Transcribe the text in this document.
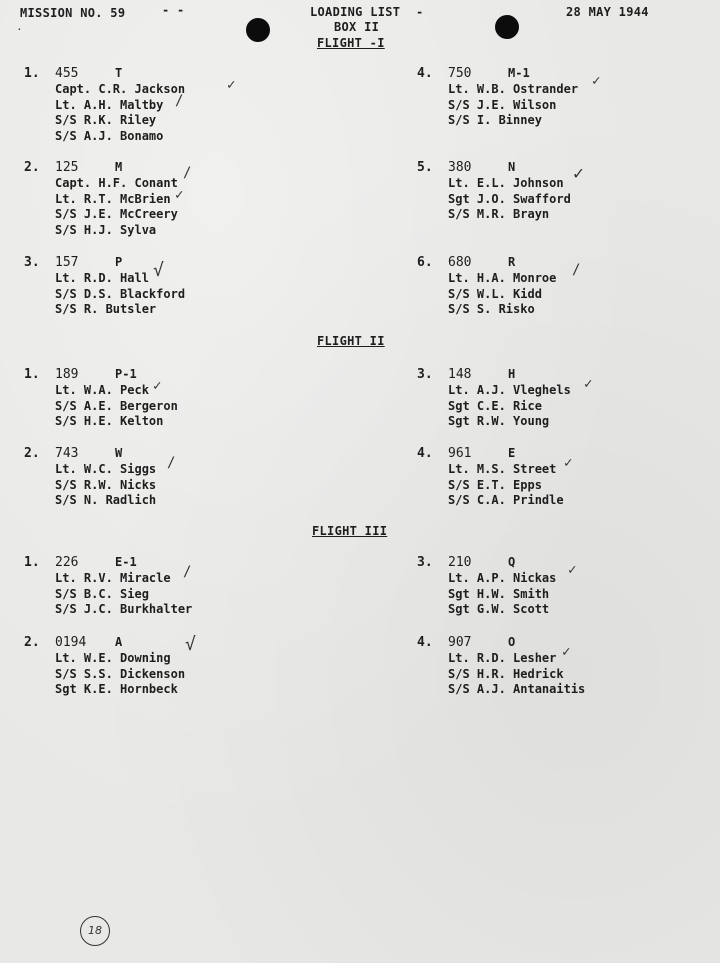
MISSION NO. 59	- -	LOADING LIST -
BOX II
FLIGHT -I
28 MAY 1944
.
1. 455	T
Capt. C.R. Jackson	✓
Lt. A.H. Maltby /
S/S R.K. Riley
S/S A.J. Bonamo
2. 125	M
Capt. H.F. Conant
/
Lt. R.T. McBrien ✓
S/S J.E. McCreery
S/S H.J. Sylva
3. 157	P
Lt. R.D. Hall √
S/S D.S. Blackford
S/S R. Butsler
4. 750	M-1
Lt. W.B. Ostrander ✓
S/S J.E. Wilson
S/S I. Binney
5. 380	N
Lt. E.L. Johnson ✓
Sgt J.O. Swafford
S/S M.R. Brayn
6. 680	R
Lt. H.A. Monroe /
S/S W.L. Kidd
S/S S. Risko
FLIGHT II
1. 189	P-1
Lt. W.A. Peck ✓
S/S A.E. Bergeron
S/S H.E. Kelton
2. 743	W
Lt. W.C. Siggs /
S/S R.W. Nicks
S/S N. Radlich
3. 148	H
Lt. A.J. Vleghels ✓
Sgt C.E. Rice
Sgt R.W. Young
4. 961	E
Lt. M.S. Street ✓
S/S E.T. Epps
S/S C.A. Prindle
FLIGHT III
1. 226	E-1
Lt. R.V. Miracle /
S/S B.C. Sieg
S/S J.C. Burkhalter
2. 0194 A
Lt. W.E. Downing
√
S/S S.S. Dickenson
Sgt K.E. Hornbeck
3. 210	Q
Lt. A.P. Nickas ✓
Sgt H.W. Smith
Sgt G.W. Scott
4. 907	O
Lt. R.D. Lesher ✓
S/S H.R. Hedrick
S/S A.J. Antanaitis
18
